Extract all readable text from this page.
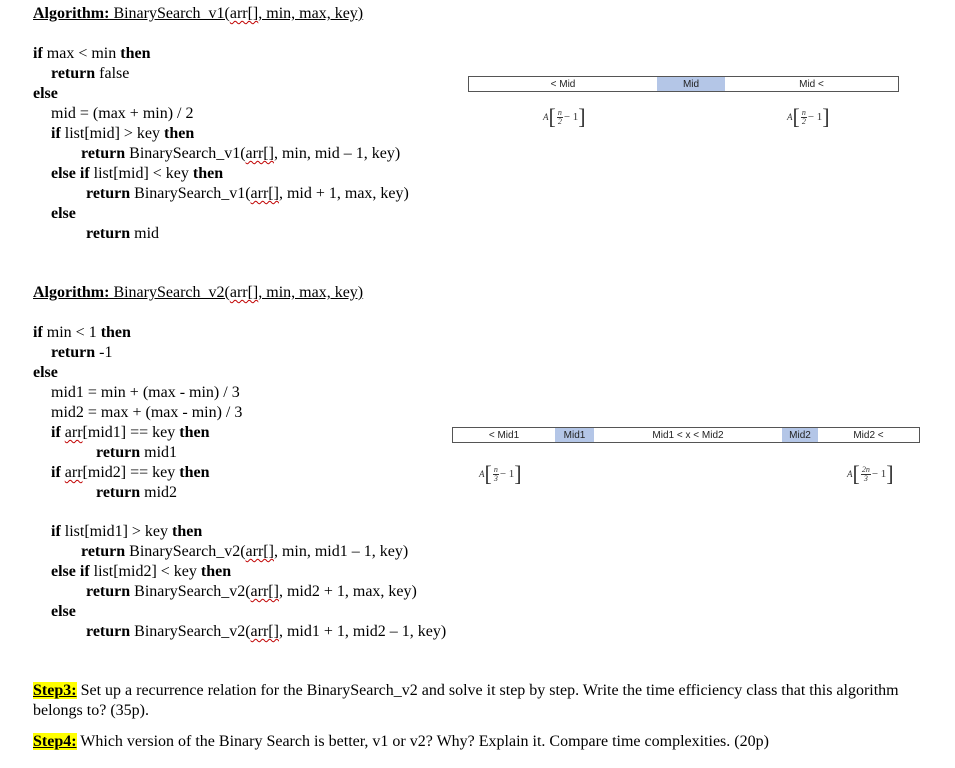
Algorithm: BinarySearch_v1(arr[], min, max, key)
if max < min then
return false
else
mid = (max + min) / 2
if list[mid] > key then
return BinarySearch_v1(arr[], min, mid – 1, key)
else if list[mid] < key then
return BinarySearch_v1(arr[], mid + 1, max, key)
else
return mid
< Mid	Mid	Mid <
A [ $\frac{n}{2} - 1$ ]	A [ $\frac{n}{2} - 1$ ]
Algorithm: BinarySearch_v2(arr[], min, max, key)
if min < 1 then
return -1
else
mid1 = min + (max - min) / 3
mid2 = max + (max - min) / 3
if arr[mid1] == key then
return mid1
if arr[mid2] == key then
return mid2
if list[mid1] > key then
return BinarySearch_v2(arr[], min, mid1 – 1, key)
else if list[mid2] < key then
return BinarySearch_v2(arr[], mid2 + 1, max, key)
else
return BinarySearch_v2(arr[], mid1 + 1, mid2 – 1, key)
< Mid1	Mid1	Mid1 < x < Mid2	Mid2	Mid2 <
A [ $\frac{n}{3} - 1$ ]	A [ $\frac{2n}{3} - 1$ ]
Step3: Set up a recurrence relation for the BinarySearch_v2 and solve it step by step. Write the time efficiency class that this algorithm belongs to? (35p).
Step4: Which version of the Binary Search is better, v1 or v2? Why? Explain it. Compare time complexities. (20p)
